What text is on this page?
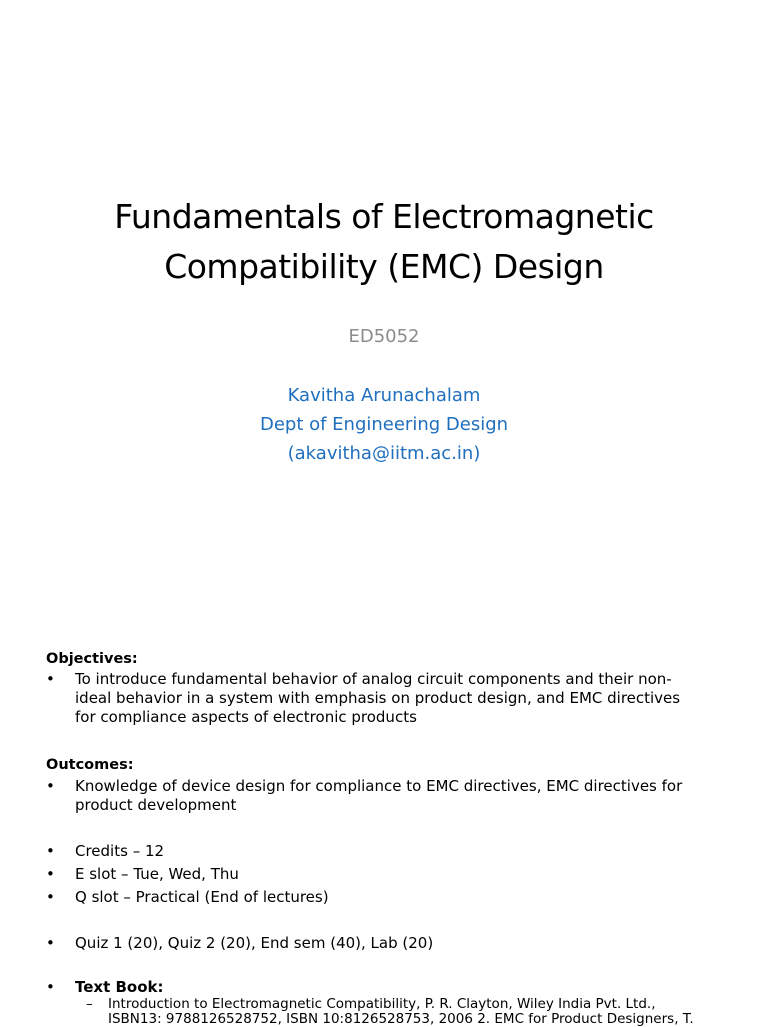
Fundamentals of Electromagnetic
Compatibility (EMC) Design
ED5052
Kavitha Arunachalam
Dept of Engineering Design
(akavitha@iitm.ac.in)
Objectives:
• To introduce fundamental behavior of analog circuit components and their non-
ideal behavior in a system with emphasis on product design, and EMC directives
for compliance aspects of electronic products
Outcomes:
• Knowledge of device design for compliance to EMC directives, EMC directives for
product development
• Credits – 12
• E slot – Tue, Wed, Thu
• Q slot – Practical (End of lectures)
• Quiz 1 (20), Quiz 2 (20), End sem (40), Lab (20)
• Text Book:
–	Introduction to Electromagnetic Compatibility, P. R. Clayton, Wiley India Pvt. Ltd.,
ISBN13: 9788126528752, ISBN 10:8126528753, 2006 2. EMC for Product Designers, T.
